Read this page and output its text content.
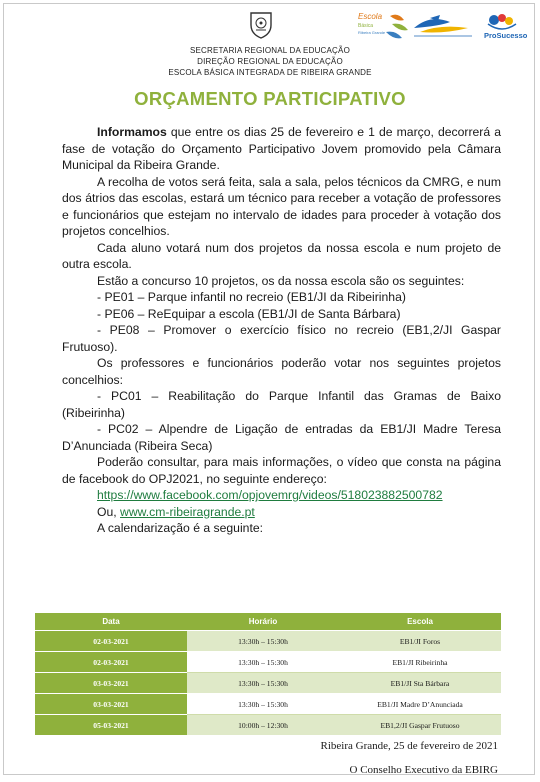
Escola
Básica
Ribeira Grande	ProSucesso
SECRETARIA REGIONAL DA EDUCAÇÃO
DIREÇÃO REGIONAL DA EDUCAÇÃO
ESCOLA BÁSICA INTEGRADA DE RIBEIRA GRANDE
ORÇAMENTO PARTICIPATIVO

Informamos que entre os dias 25 de fevereiro e 1 de março, decorrerá a fase de votação do Orçamento Participativo Jovem promovido pela Câmara Municipal da Ribeira Grande.

A recolha de votos será feita, sala a sala, pelos técnicos da CMRG, e num dos átrios das escolas, estará um técnico para receber a votação de professores e funcionários que estejam no intervalo de idades para proceder à votação dos projetos concelhios.

Cada aluno votará num dos projetos da nossa escola e num projeto de outra escola.

Estão a concurso 10 projetos, os da nossa escola são os seguintes:

- PE01 – Parque infantil no recreio (EB1/JI da Ribeirinha)

- PE06 – ReEquipar a escola (EB1/JI de Santa Bárbara)

- PE08 – Promover o exercício físico no recreio (EB1,2/JI Gaspar Frutuoso).

Os professores e funcionários poderão votar nos seguintes projetos concelhios:

- PC01 – Reabilitação do Parque Infantil das Gramas de Baixo (Ribeirinha)

- PC02 – Alpendre de Ligação de entradas da EB1/JI Madre Teresa D’Anunciada (Ribeira Seca)

Poderão consultar, para mais informações, o vídeo que consta na página de facebook do OPJ2021, no seguinte endereço:

https://www.facebook.com/opjovemrg/videos/518023882500782

Ou, www.cm-ribeiragrande.pt

A calendarização é a seguinte:

Data	Horário	Escola
02-03-2021	13:30h – 15:30h	EB1/JI Foros
02-03-2021	13:30h – 15:30h	EB1/JI Ribeirinha
03-03-2021	13:30h – 15:30h	EB1/JI Sta Bárbara
03-03-2021	13:30h – 15:30h	EB1/JI Madre D’Anunciada
05-03-2021	10:00h – 12:30h	EB1,2/JI Gaspar Frutuoso
Ribeira Grande, 25 de fevereiro de 2021
O Conselho Executivo da EBIRG
